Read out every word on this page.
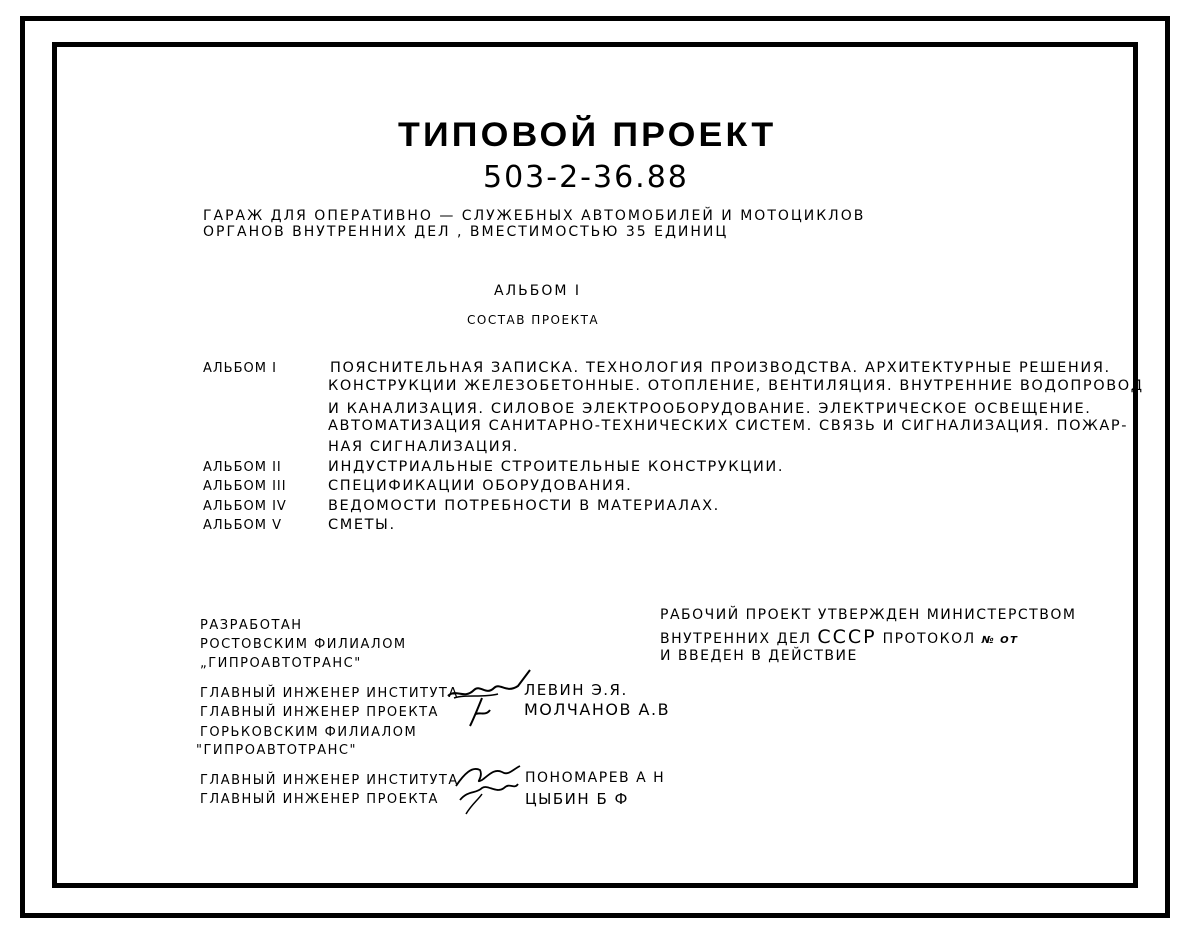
ТИПОВОЙ ПРОЕКТ
503-2-36.88
ГАРАЖ ДЛЯ ОПЕРАТИВНО — СЛУЖЕБНЫХ АВТОМОБИЛЕЙ И МОТОЦИКЛОВ
ОРГАНОВ ВНУТРЕННИХ ДЕЛ , ВМЕСТИМОСТЬЮ 35 ЕДИНИЦ
АЛЬБОМ I
СОСТАВ ПРОЕКТА
АЛЬБОМ I	ПОЯСНИТЕЛЬНАЯ ЗАПИСКА. ТЕХНОЛОГИЯ ПРОИЗВОДСТВА. АРХИТЕКТУРНЫЕ РЕШЕНИЯ.
КОНСТРУКЦИИ ЖЕЛЕЗОБЕТОННЫЕ. ОТОПЛЕНИЕ, ВЕНТИЛЯЦИЯ. ВНУТРЕННИЕ ВОДОПРОВОД
И КАНАЛИЗАЦИЯ. СИЛОВОЕ ЭЛЕКТРООБОРУДОВАНИЕ. ЭЛЕКТРИЧЕСКОЕ ОСВЕЩЕНИЕ.
АВТОМАТИЗАЦИЯ САНИТАРНО-ТЕХНИЧЕСКИХ СИСТЕМ. СВЯЗЬ И СИГНАЛИЗАЦИЯ. ПОЖАР-
НАЯ СИГНАЛИЗАЦИЯ.
АЛЬБОМ II	ИНДУСТРИАЛЬНЫЕ СТРОИТЕЛЬНЫЕ КОНСТРУКЦИИ.
АЛЬБОМ III	СПЕЦИФИКАЦИИ ОБОРУДОВАНИЯ.
АЛЬБОМ IV	ВЕДОМОСТИ ПОТРЕБНОСТИ В МАТЕРИАЛАХ.
АЛЬБОМ V	СМЕТЫ.
РАЗРАБОТАН
РОСТОВСКИМ ФИЛИАЛОМ
„ГИПРОАВТОТРАНС"
РАБОЧИЙ ПРОЕКТ УТВЕРЖДЕН МИНИСТЕРСТВОМ
ВНУТРЕННИХ ДЕЛ СССР ПРОТОКОЛ № ОТ
И ВВЕДЕН В ДЕЙСТВИЕ
ГЛАВНЫЙ ИНЖЕНЕР ИНСТИТУТА	ЛЕВИН Э.Я.
ГЛАВНЫЙ ИНЖЕНЕР ПРОЕКТА	МОЛЧАНОВ А.В
ГОРЬКОВСКИМ ФИЛИАЛОМ
"ГИПРОАВТОТРАНС"
ГЛАВНЫЙ ИНЖЕНЕР ИНСТИТУТА	ПОНОМАРЕВ А Н
ГЛАВНЫЙ ИНЖЕНЕР ПРОЕКТА	ЦЫБИН Б Ф
